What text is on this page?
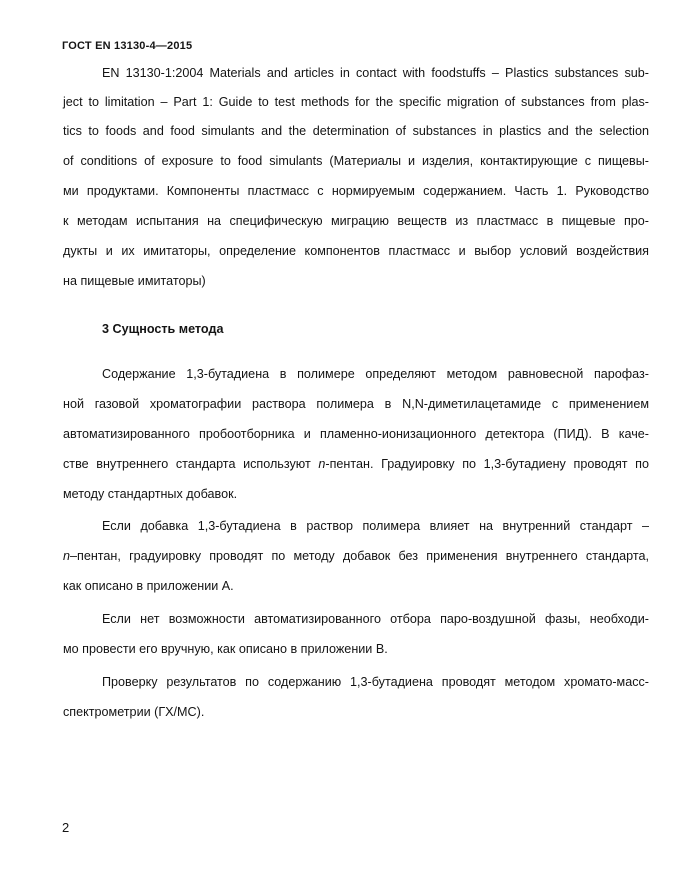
ГОСТ EN 13130-4—2015
EN 13130-1:2004 Materials and articles in contact with foodstuffs – Plastics substances sub-
ject to limitation – Part 1: Guide to test methods for the specific migration of substances from plas-
tics to foods and food simulants and the determination of substances in plastics and the selection
of conditions of exposure to food simulants (Материалы и изделия, контактирующие с пищевы-
ми продуктами. Компоненты пластмасс с нормируемым содержанием. Часть 1. Руководство
к методам испытания на специфическую миграцию веществ из пластмасс в пищевые про-
дукты и их имитаторы, определение компонентов пластмасс и выбор условий воздействия
на пищевые имитаторы)
3 Сущность метода
Содержание 1,3-бутадиена в полимере определяют методом равновесной парофаз-
ной газовой хроматографии раствора полимера в N,N-диметилацетамиде с применением
автоматизированного пробоотборника и пламенно-ионизационного детектора (ПИД). В каче-
стве внутреннего стандарта используют n-пентан. Градуировку по 1,3-бутадиену проводят по
методу стандартных добавок.
Если добавка 1,3-бутадиена в раствор полимера влияет на внутренний стандарт –
n–пентан, градуировку проводят по методу добавок без применения внутреннего стандарта,
как описано в приложении А.
Если нет возможности автоматизированного отбора паро-воздушной фазы, необходи-
мо провести его вручную, как описано в приложении В.
Проверку результатов по содержанию 1,3-бутадиена проводят методом хромато-масс-
спектрометрии (ГХ/МС).
2
